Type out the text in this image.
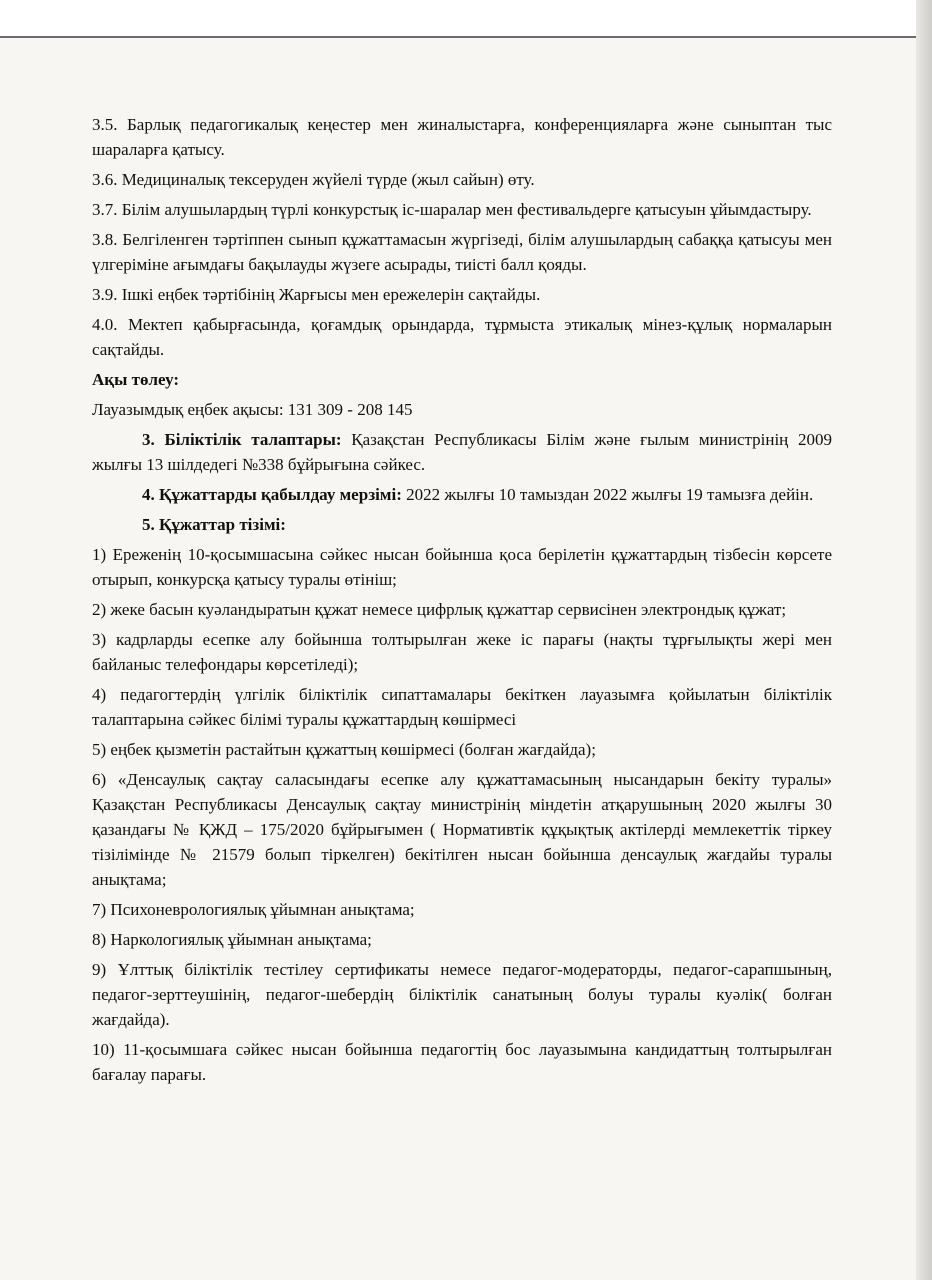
3.5. Барлық педагогикалық кеңестер мен жиналыстарға, конференцияларға және сыныптан тыс шараларға қатысу.

3.6. Медициналық тексеруден жүйелі түрде (жыл сайын) өту.

3.7. Білім алушылардың түрлі конкурстық іс-шаралар мен фестивальдерге қатысуын ұйымдастыру.

3.8. Белгіленген тәртіппен сынып құжаттамасын жүргізеді, білім алушылардың сабаққа қатысуы мен үлгеріміне ағымдағы бақылауды жүзеге асырады, тиісті балл қояды.

3.9. Ішкі еңбек тәртібінің Жарғысы мен ережелерін сақтайды.

4.0. Мектеп қабырғасында, қоғамдық орындарда, тұрмыста этикалық мінез-құлық нормаларын сақтайды.

Ақы төлеу:

Лауазымдық еңбек ақысы: 131 309 - 208 145

3. Біліктілік талаптары: Қазақстан Республикасы Білім және ғылым министрінің 2009 жылғы 13 шілдедегі №338 бұйрығына сәйкес.

4. Құжаттарды қабылдау мерзімі: 2022 жылғы 10 тамыздан 2022 жылғы 19 тамызға дейін.

5. Құжаттар тізімі:

1) Ереженің 10-қосымшасына сәйкес нысан бойынша қоса берілетін құжаттардың тізбесін көрсете отырып, конкурсқа қатысу туралы өтініш;

2) жеке басын куәландыратын құжат немесе цифрлық құжаттар сервисінен электрондық құжат;

3) кадрларды есепке алу бойынша толтырылған жеке іс парағы (нақты тұрғылықты жері мен байланыс телефондары көрсетіледі);

4) педагогтердің үлгілік біліктілік сипаттамалары бекіткен лауазымға қойылатын біліктілік талаптарына сәйкес білімі туралы құжаттардың көшірмесі

5) еңбек қызметін растайтын құжаттың көшірмесі (болған жағдайда);

6) «Денсаулық сақтау саласындағы есепке алу құжаттамасының нысандарын бекіту туралы» Қазақстан Республикасы Денсаулық сақтау министрінің міндетін атқарушының 2020 жылғы 30 қазандағы № ҚЖД – 175/2020 бұйрығымен ( Нормативтік құқықтық актілерді мемлекеттік тіркеу тізілімінде № 21579 болып тіркелген) бекітілген нысан бойынша денсаулық жағдайы туралы анықтама;

7) Психоневрологиялық ұйымнан анықтама;

8) Наркологиялық ұйымнан анықтама;

9) Ұлттық біліктілік тестілеу сертификаты немесе педагог-модераторды, педагог-сарапшының, педагог-зерттеушінің, педагог-шебердің біліктілік санатының болуы туралы куәлік( болған жағдайда).

10) 11-қосымшаға сәйкес нысан бойынша педагогтің бос лауазымына кандидаттың толтырылған бағалау парағы.
